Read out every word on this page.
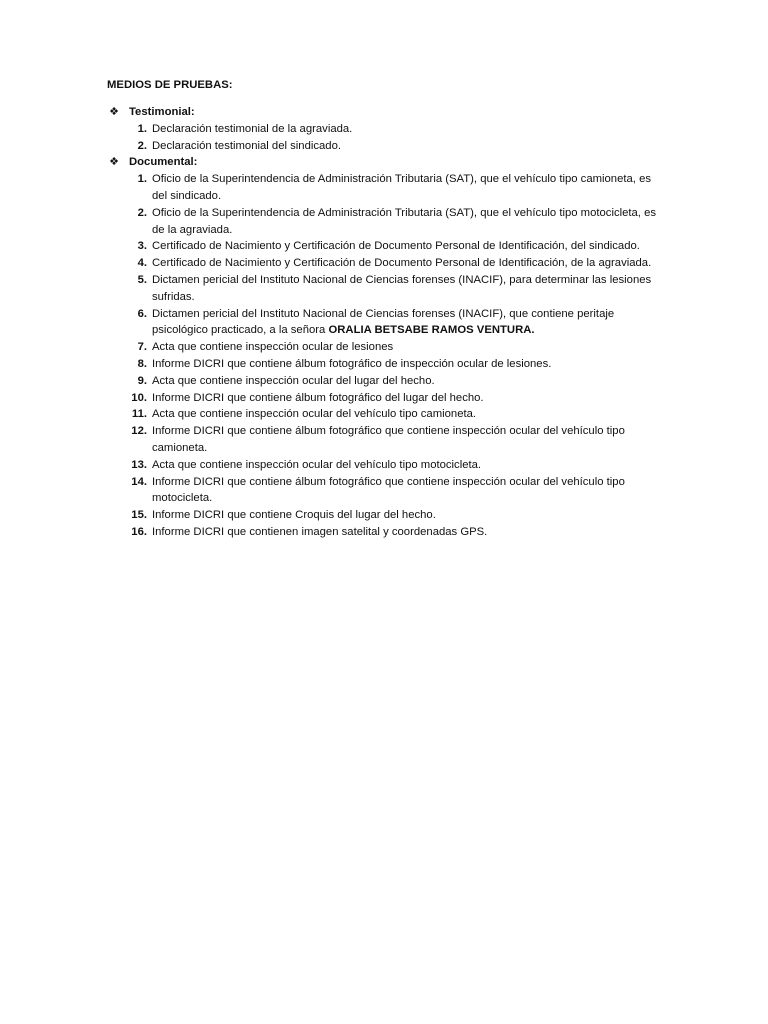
MEDIOS DE PRUEBAS:

❖ Testimonial:
1. Declaración testimonial de la agraviada.
2. Declaración testimonial del sindicado.
❖ Documental:
1. Oficio de la Superintendencia de Administración Tributaria (SAT), que el vehículo tipo camioneta, es del sindicado.
2. Oficio de la Superintendencia de Administración Tributaria (SAT), que el vehículo tipo motocicleta, es de la agraviada.
3. Certificado de Nacimiento y Certificación de Documento Personal de Identificación, del sindicado.
4. Certificado de Nacimiento y Certificación de Documento Personal de Identificación, de la agraviada.
5. Dictamen pericial del Instituto Nacional de Ciencias forenses (INACIF), para determinar las lesiones sufridas.
6. Dictamen pericial del Instituto Nacional de Ciencias forenses (INACIF), que contiene peritaje psicológico practicado, a la señora ORALIA BETSABE RAMOS VENTURA.
7. Acta que contiene inspección ocular de lesiones
8. Informe DICRI que contiene álbum fotográfico de inspección ocular de lesiones.
9. Acta que contiene inspección ocular del lugar del hecho.
10. Informe DICRI que contiene álbum fotográfico del lugar del hecho.
11. Acta que contiene inspección ocular del vehículo tipo camioneta.
12. Informe DICRI que contiene álbum fotográfico que contiene inspección ocular del vehículo tipo camioneta.
13. Acta que contiene inspección ocular del vehículo tipo motocicleta.
14. Informe DICRI que contiene álbum fotográfico que contiene inspección ocular del vehículo tipo motocicleta.
15. Informe DICRI que contiene Croquis del lugar del hecho.
16. Informe DICRI que contienen imagen satelital y coordenadas GPS.
